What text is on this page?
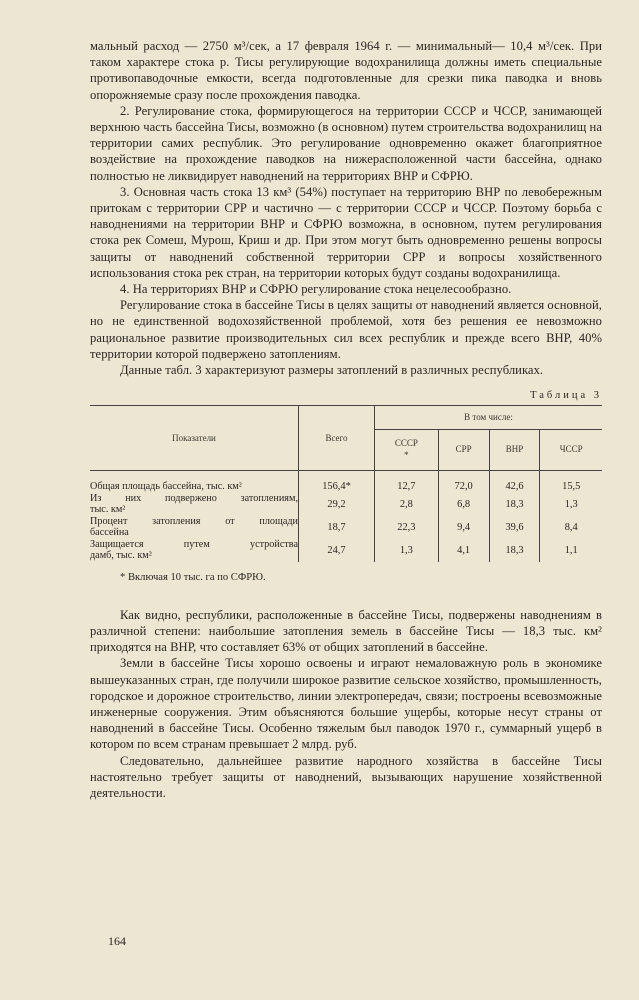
мальный расход — 2750 м³/сек, а 17 февраля 1964 г. — минимальный— 10,4 м³/сек. При таком характере стока р. Тисы регулирующие водохранилища должны иметь специальные противопаводочные емкости, всегда подготовленные для срезки пика паводка и вновь опорожняемые сразу после прохождения паводка.

2. Регулирование стока, формирующегося на территории СССР и ЧССР, занимающей верхнюю часть бассейна Тисы, возможно (в основном) путем строительства водохранилищ на территории самих республик. Это регулирование одновременно окажет благоприятное воздействие на прохождение паводков на нижерасположенной части бассейна, однако полностью не ликвидирует наводнений на территориях ВНР и СФРЮ.

3. Основная часть стока 13 км³ (54%) поступает на территорию ВНР по левобережным притокам с территории СРР и частично — с территории СССР и ЧССР. Поэтому борьба с наводнениями на территории ВНР и СФРЮ возможна, в основном, путем регулирования стока рек Сомеш, Мурош, Криш и др. При этом могут быть одновременно решены вопросы защиты от наводнений собственной территории СРР и вопросы хозяйственного использования стока рек стран, на территории которых будут созданы водохранилища.

4. На территориях ВНР и СФРЮ регулирование стока нецелесообразно.

Регулирование стока в бассейне Тисы в целях защиты от наводнений является основной, но не единственной водохозяйственной проблемой, хотя без решения ее невозможно рациональное развитие производительных сил всех республик и прежде всего ВНР, 40% территории которой подвержено затоплениям.

Данные табл. 3 характеризуют размеры затоплений в различных республиках.

Таблица 3
Показатели	Всего	В том числе:			
		СССР
*	СРР	ВНР	ЧССР

Общая площадь бассейна, тыс. км²	156,4*	12,7	72,0	42,6	15,5

Из них подвержено затоплениям,
тыс. км²	29,2	2,8	6,8	18,3	1,3

Процент затопления от площади
бассейна	18,7	22,3	9,4	39,6	8,4

Защищается путем устройства
дамб, тыс. км²	24,7	1,3	4,1	18,3	1,1
* Включая 10 тыс. га по СФРЮ.

Как видно, республики, расположенные в бассейне Тисы, подвержены наводнениям в различной степени: наибольшие затопления земель в бассейне Тисы — 18,3 тыс. км² приходятся на ВНР, что составляет 63% от общих затоплений в бассейне.

Земли в бассейне Тисы хорошо освоены и играют немаловажную роль в экономике вышеуказанных стран, где получили широкое развитие сельское хозяйство, промышленность, городское и дорожное строительство, линии электропередач, связи; построены всевозможные инженерные сооружения. Этим объясняются большие ущербы, которые несут страны от наводнений в бассейне Тисы. Особенно тяжелым был паводок 1970 г., суммарный ущерб в котором по всем странам превышает 2 млрд. руб.

Следовательно, дальнейшее развитие народного хозяйства в бассейне Тисы настоятельно требует защиты от наводнений, вызывающих нарушение хозяйственной деятельности.

164
